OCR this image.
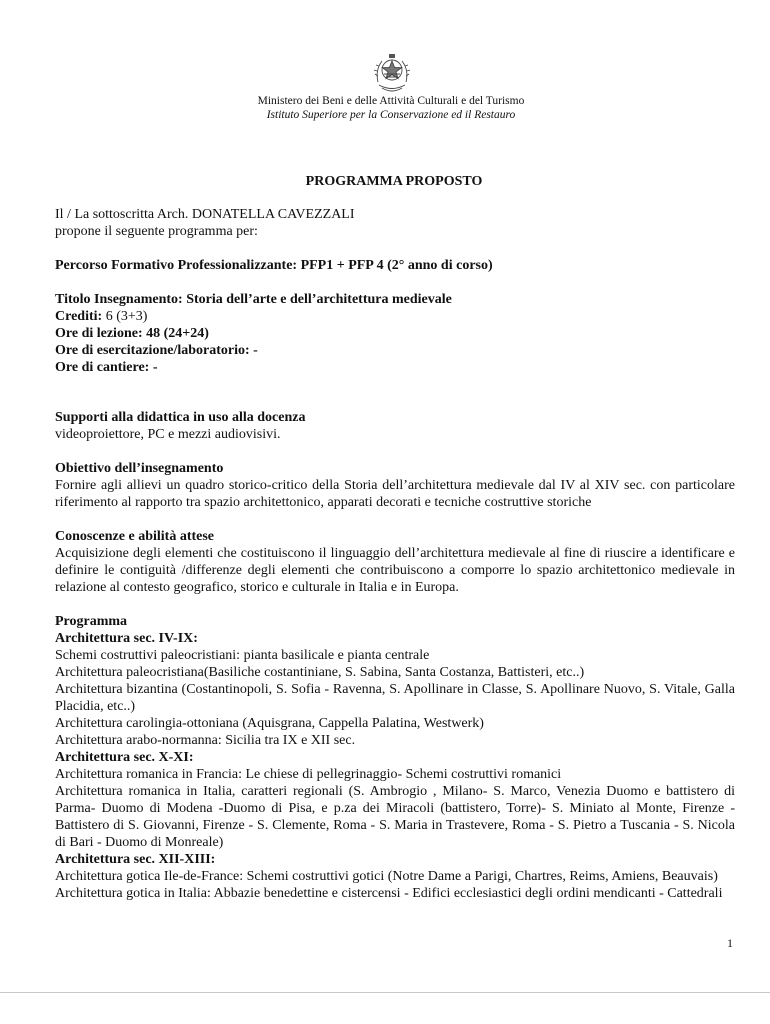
Ministero dei Beni e delle Attività Culturali e del Turismo
Istituto Superiore per la Conservazione ed il Restauro
PROGRAMMA PROPOSTO

Il / La sottoscritta Arch. DONATELLA CAVEZZALI

propone il seguente programma per:

Percorso Formativo Professionalizzante: PFP1 + PFP 4 (2° anno di corso)

Titolo Insegnamento: Storia dell’arte e dell’architettura medievale

Crediti: 6 (3+3)

Ore di lezione: 48 (24+24)

Ore di esercitazione/laboratorio: -

Ore di cantiere: -

Supporti alla didattica in uso alla docenza

videoproiettore, PC e mezzi audiovisivi.

Obiettivo dell’insegnamento

Fornire agli allievi un quadro storico-critico della Storia dell’architettura medievale dal IV al XIV sec. con particolare riferimento al rapporto tra spazio architettonico, apparati decorati e tecniche costruttive storiche

Conoscenze e abilità attese

Acquisizione degli elementi che costituiscono il linguaggio dell’architettura medievale al fine di riuscire a identificare e definire le contiguità /differenze degli elementi che contribuiscono a comporre lo spazio architettonico medievale in relazione al contesto geografico, storico e culturale in Italia e in Europa.

Programma

Architettura sec. IV-IX:

Schemi costruttivi paleocristiani: pianta basilicale e pianta centrale

Architettura paleocristiana(Basiliche costantiniane, S. Sabina, Santa Costanza, Battisteri, etc..)

Architettura bizantina (Costantinopoli, S. Sofia - Ravenna, S. Apollinare in Classe, S. Apollinare Nuovo, S. Vitale, Galla Placidia, etc..)

Architettura carolingia-ottoniana (Aquisgrana, Cappella Palatina, Westwerk)

Architettura arabo-normanna: Sicilia tra IX e XII sec.

Architettura sec. X-XI:

Architettura romanica in Francia: Le chiese di pellegrinaggio- Schemi costruttivi romanici

Architettura romanica in Italia, caratteri regionali (S. Ambrogio , Milano- S. Marco, Venezia Duomo e battistero di Parma- Duomo di Modena -Duomo di Pisa, e p.za dei Miracoli (battistero, Torre)- S. Miniato al Monte, Firenze - Battistero di S. Giovanni, Firenze - S. Clemente, Roma - S. Maria in Trastevere, Roma - S. Pietro a Tuscania - S. Nicola di Bari - Duomo di Monreale)

Architettura sec. XII-XIII:

Architettura gotica Ile-de-France: Schemi costruttivi gotici (Notre Dame a Parigi, Chartres, Reims, Amiens, Beauvais)

Architettura gotica in Italia: Abbazie benedettine e cistercensi - Edifici ecclesiastici degli ordini mendicanti - Cattedrali

1
